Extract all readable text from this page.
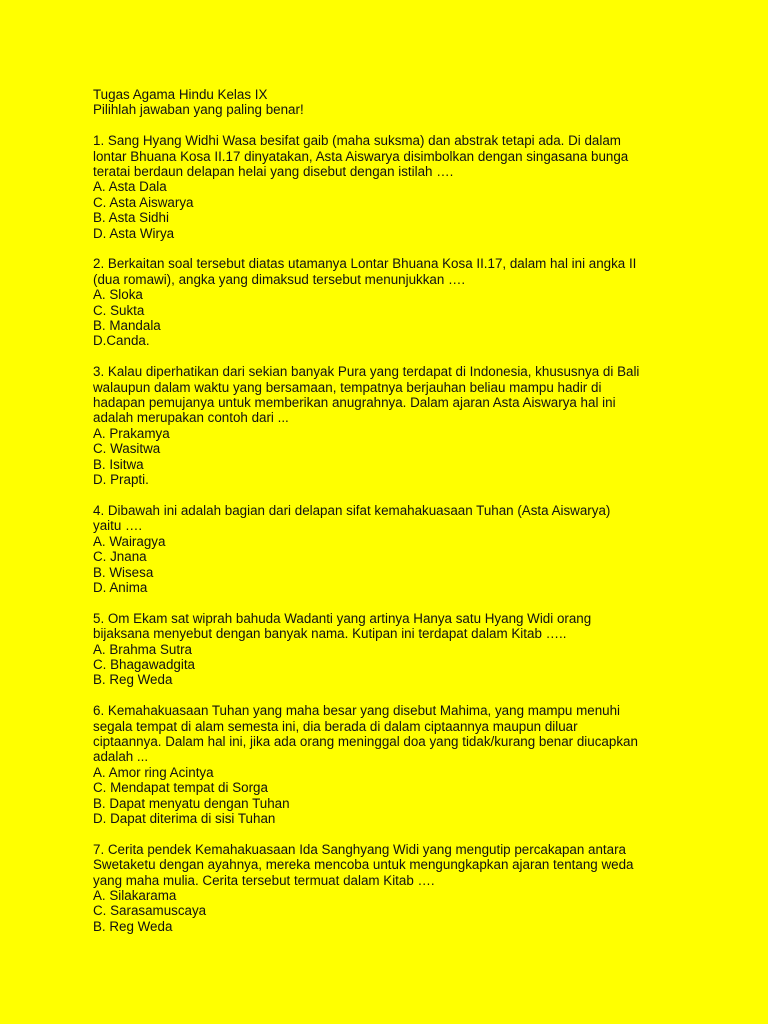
Tugas Agama Hindu Kelas IX
Pilihlah jawaban yang paling benar!
1. Sang Hyang Widhi Wasa besifat gaib (maha suksma) dan abstrak tetapi ada. Di dalam
lontar Bhuana Kosa II.17 dinyatakan, Asta Aiswarya disimbolkan dengan singasana bunga
teratai berdaun delapan helai yang disebut dengan istilah ….
A. Asta Dala
C. Asta Aiswarya
B. Asta Sidhi
D. Asta Wirya
2. Berkaitan soal tersebut diatas utamanya Lontar Bhuana Kosa II.17, dalam hal ini angka II
(dua romawi), angka yang dimaksud tersebut menunjukkan ….
A. Sloka
C. Sukta
B. Mandala
D.Canda.
3. Kalau diperhatikan dari sekian banyak Pura yang terdapat di Indonesia, khususnya di Bali
walaupun dalam waktu yang bersamaan, tempatnya berjauhan beliau mampu hadir di
hadapan pemujanya untuk memberikan anugrahnya. Dalam ajaran Asta Aiswarya hal ini
adalah merupakan contoh dari ...
A. Prakamya
C. Wasitwa
B. Isitwa
D. Prapti.
4. Dibawah ini adalah bagian dari delapan sifat kemahakuasaan Tuhan (Asta Aiswarya)
yaitu ….
A. Wairagya
C. Jnana
B. Wisesa
D. Anima
5. Om Ekam sat wiprah bahuda Wadanti yang artinya Hanya satu Hyang Widi orang
bijaksana menyebut dengan banyak nama. Kutipan ini terdapat dalam Kitab …..
A. Brahma Sutra
C. Bhagawadgita
B. Reg Weda
6. Kemahakuasaan Tuhan yang maha besar yang disebut Mahima, yang mampu menuhi
segala tempat di alam semesta ini, dia berada di dalam ciptaannya maupun diluar
ciptaannya. Dalam hal ini, jika ada orang meninggal doa yang tidak/kurang benar diucapkan
adalah ...
A. Amor ring Acintya
C. Mendapat tempat di Sorga
B. Dapat menyatu dengan Tuhan
D. Dapat diterima di sisi Tuhan
7. Cerita pendek Kemahakuasaan Ida Sanghyang Widi yang mengutip percakapan antara
Swetaketu dengan ayahnya, mereka mencoba untuk mengungkapkan ajaran tentang weda
yang maha mulia. Cerita tersebut termuat dalam Kitab ….
A. Silakarama
C. Sarasamuscaya
B. Reg Weda
